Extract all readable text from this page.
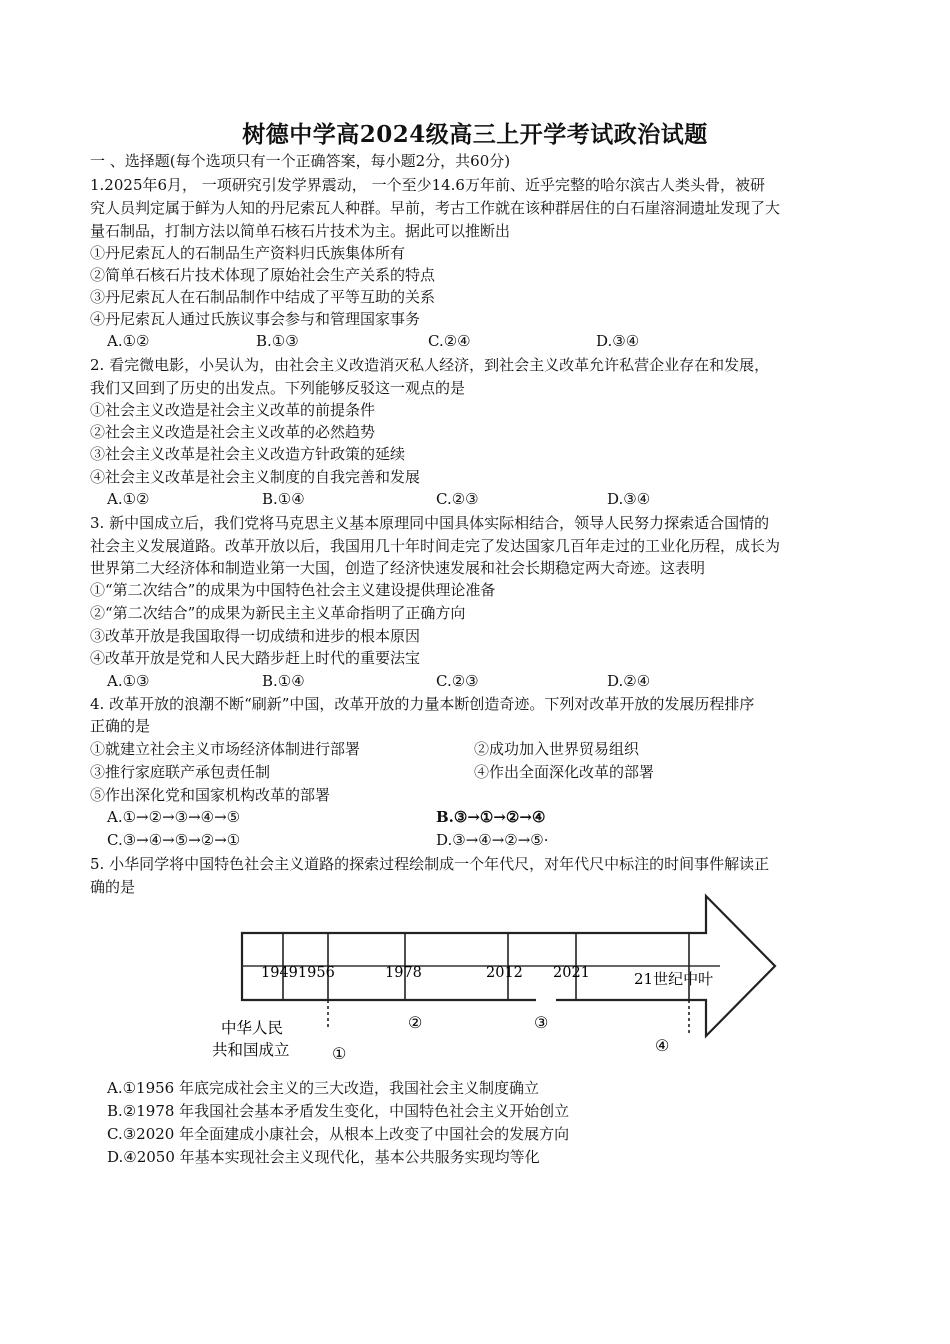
树德中学高2024级高三上开学考试政治试题
一 、选择题(每个选项只有一个正确答案，每小题2分，共60分)
1.2025年6月， 一项研究引发学界震动， 一个至少14.6万年前、近乎完整的哈尔滨古人类头骨，被研
究人员判定属于鲜为人知的丹尼索瓦人种群。早前，考古工作就在该种群居住的白石崖溶洞遗址发现了大
量石制品，打制方法以简单石核石片技术为主。据此可以推断出
①丹尼索瓦人的石制品生产资料归氏族集体所有
②简单石核石片技术体现了原始社会生产关系的特点
③丹尼索瓦人在石制品制作中结成了平等互助的关系
④丹尼索瓦人通过氏族议事会参与和管理国家事务
A.①②	B.①③	C.②④	D.③④
2. 看完微电影，小吴认为，由社会主义改造消灭私人经济，到社会主义改革允许私营企业存在和发展，
我们又回到了历史的出发点。下列能够反驳这一观点的是
①社会主义改造是社会主义改革的前提条件
②社会主义改造是社会主义改革的必然趋势
③社会主义改革是社会主义改造方针政策的延续
④社会主义改革是社会主义制度的自我完善和发展
A.①②	B.①④	C.②③	D.③④
3. 新中国成立后，我们党将马克思主义基本原理同中国具体实际相结合，领导人民努力探索适合国情的
社会主义发展道路。改革开放以后，我国用几十年时间走完了发达国家几百年走过的工业化历程，成长为
世界第二大经济体和制造业第一大国，创造了经济快速发展和社会长期稳定两大奇迹。这表明
①“第二次结合”的成果为中国特色社会主义建设提供理论准备
②“第二次结合”的成果为新民主主义革命指明了正确方向
③改革开放是我国取得一切成绩和进步的根本原因
④改革开放是党和人民大踏步赶上时代的重要法宝
A.①③	B.①④	C.②③	D.②④
4. 改革开放的浪潮不断“刷新”中国，改革开放的力量本断创造奇迹。下列对改革开放的发展历程排序
正确的是
①就建立社会主义市场经济体制进行部署	②成功加入世界贸易组织
③推行家庭联产承包责任制	④作出全面深化改革的部署
⑤作出深化党和国家机构改革的部署
A.①→②→③→④→⑤	B.③→①→②→④
C.③→④→⑤→②→①	D.③→④→②→⑤·
5. 小华同学将中国特色社会主义道路的探索过程绘制成一个年代尺，对年代尺中标注的时间事件解读正
确的是
19491956	1978	2012 2021	21世纪中叶
中华人民
共和国成立	①
②	③
④
A.①1956 年底完成社会主义的三大改造，我国社会主义制度确立
B.②1978 年我国社会基本矛盾发生变化，中国特色社会主义开始创立
C.③2020 年全面建成小康社会，从根本上改变了中国社会的发展方向
D.④2050 年基本实现社会主义现代化，基本公共服务实现均等化
